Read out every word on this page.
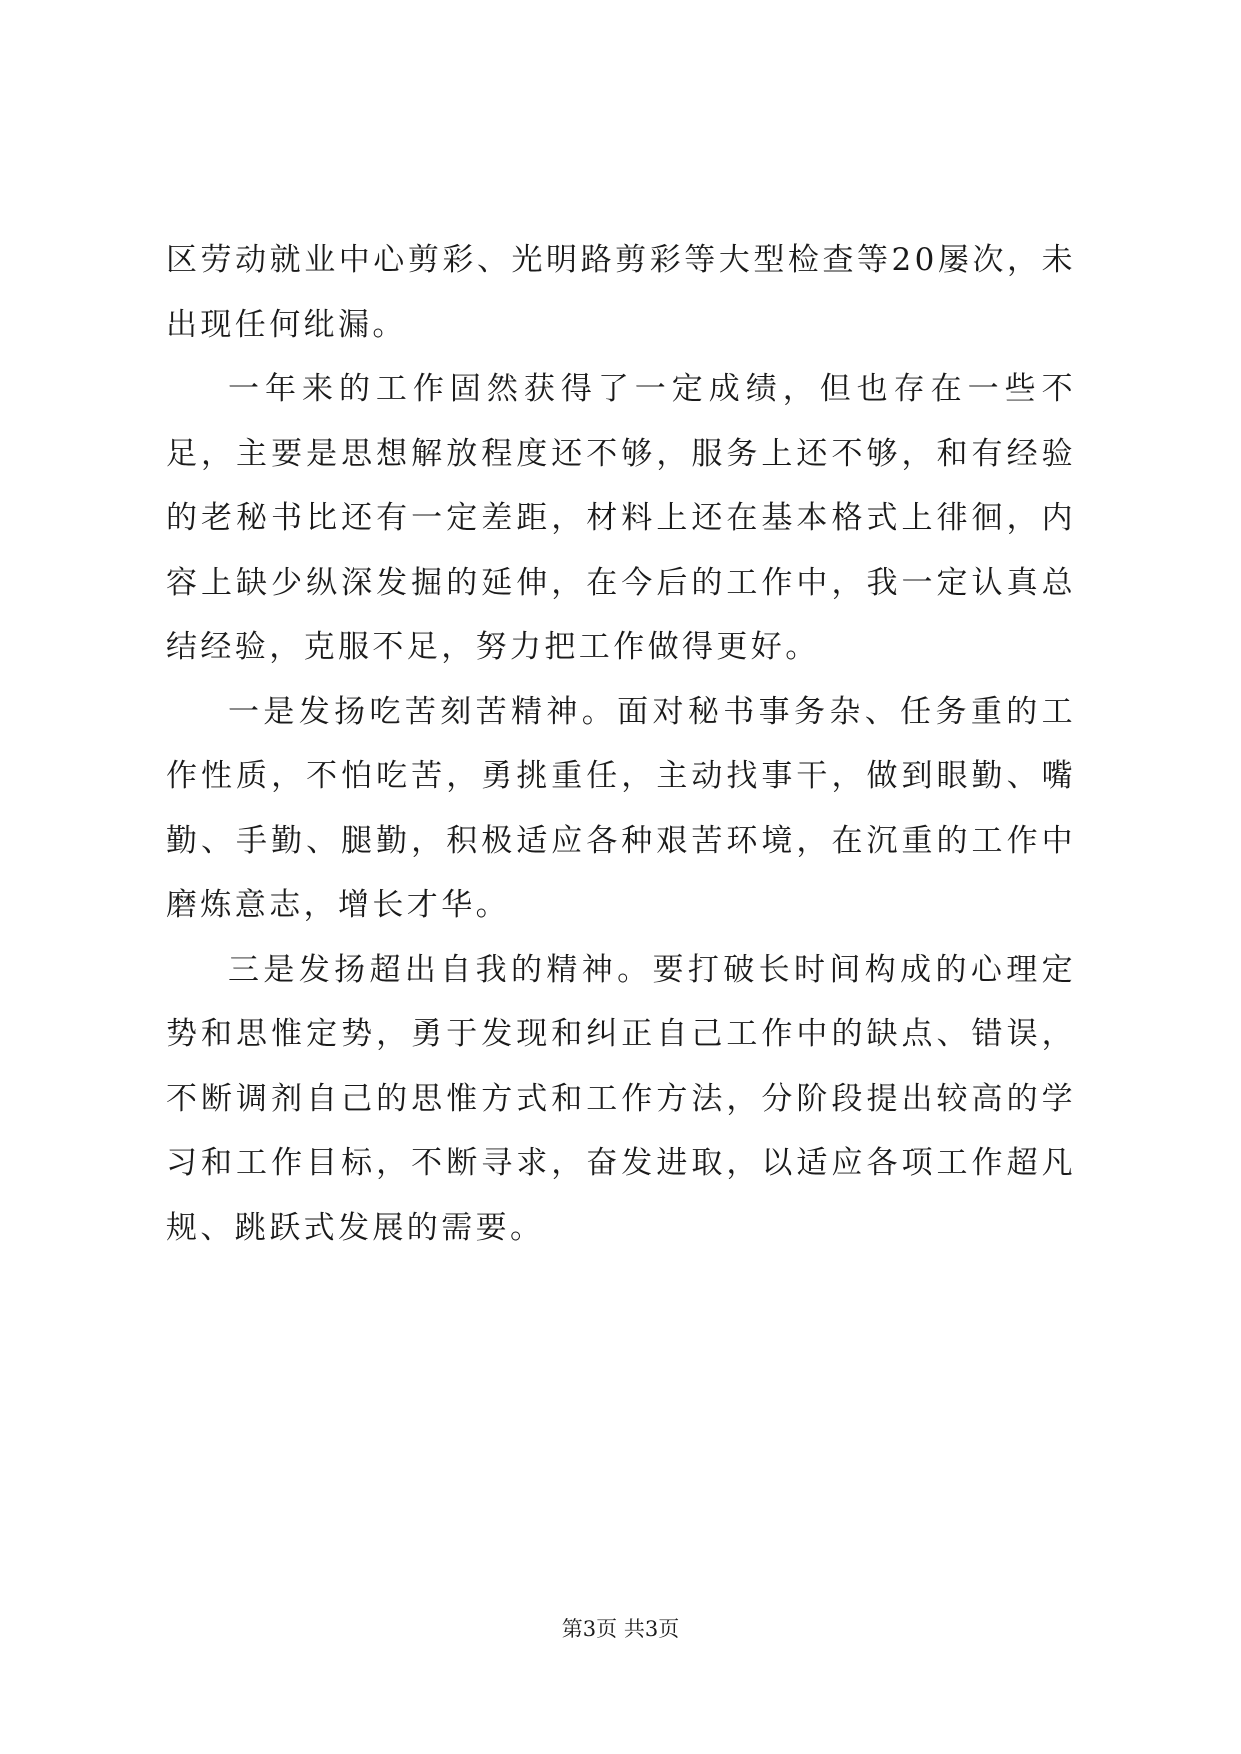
区劳动就业中心剪彩、光明路剪彩等大型检查等20屡次，未出现任何纰漏。

一年来的工作固然获得了一定成绩，但也存在一些不足，主要是思想解放程度还不够，服务上还不够，和有经验的老秘书比还有一定差距，材料上还在基本格式上徘徊，内容上缺少纵深发掘的延伸，在今后的工作中，我一定认真总结经验，克服不足，努力把工作做得更好。

一是发扬吃苦刻苦精神。面对秘书事务杂、任务重的工作性质，不怕吃苦，勇挑重任，主动找事干，做到眼勤、嘴勤、手勤、腿勤，积极适应各种艰苦环境，在沉重的工作中磨炼意志，增长才华。

三是发扬超出自我的精神。要打破长时间构成的心理定势和思惟定势，勇于发现和纠正自己工作中的缺点、错误，不断调剂自己的思惟方式和工作方法，分阶段提出较高的学习和工作目标，不断寻求，奋发进取，以适应各项工作超凡规、跳跃式发展的需要。

第3页 共3页
